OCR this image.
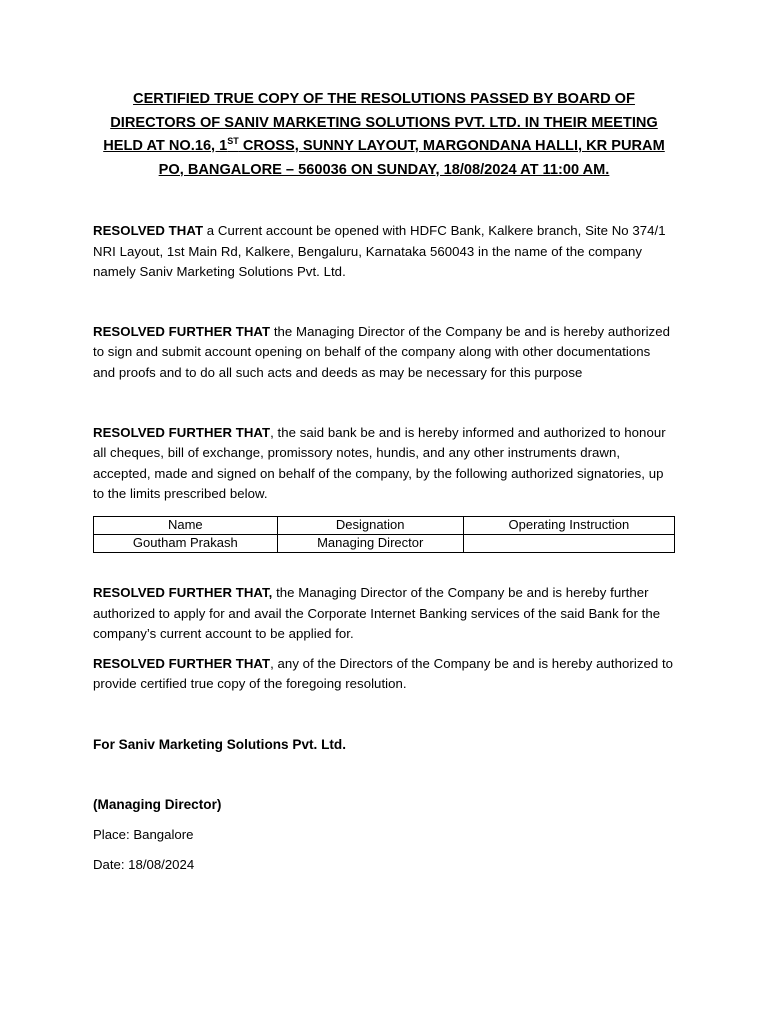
CERTIFIED TRUE COPY OF THE RESOLUTIONS PASSED BY BOARD OF DIRECTORS OF SANIV MARKETING SOLUTIONS PVT. LTD. IN THEIR MEETING HELD AT NO.16, 1ST CROSS, SUNNY LAYOUT, MARGONDANA HALLI, KR PURAM PO, BANGALORE – 560036 ON SUNDAY, 18/08/2024 AT 11:00 AM.

RESOLVED THAT a Current account be opened with HDFC Bank, Kalkere branch, Site No 374/1 NRI Layout, 1st Main Rd, Kalkere, Bengaluru, Karnataka 560043 in the name of the company namely Saniv Marketing Solutions Pvt. Ltd.

RESOLVED FURTHER THAT the Managing Director of the Company be and is hereby authorized to sign and submit account opening on behalf of the company along with other documentations and proofs and to do all such acts and deeds as may be necessary for this purpose

RESOLVED FURTHER THAT, the said bank be and is hereby informed and authorized to honour all cheques, bill of exchange, promissory notes, hundis, and any other instruments drawn, accepted, made and signed on behalf of the company, by the following authorized signatories, up to the limits prescribed below.

Name	Designation	Operating Instruction
Goutham Prakash	Managing Director	

RESOLVED FURTHER THAT, the Managing Director of the Company be and is hereby further authorized to apply for and avail the Corporate Internet Banking services of the said Bank for the company’s current account to be applied for.

RESOLVED FURTHER THAT, any of the Directors of the Company be and is hereby authorized to provide certified true copy of the foregoing resolution.

For Saniv Marketing Solutions Pvt. Ltd.
(Managing Director)
Place: Bangalore
Date: 18/08/2024
